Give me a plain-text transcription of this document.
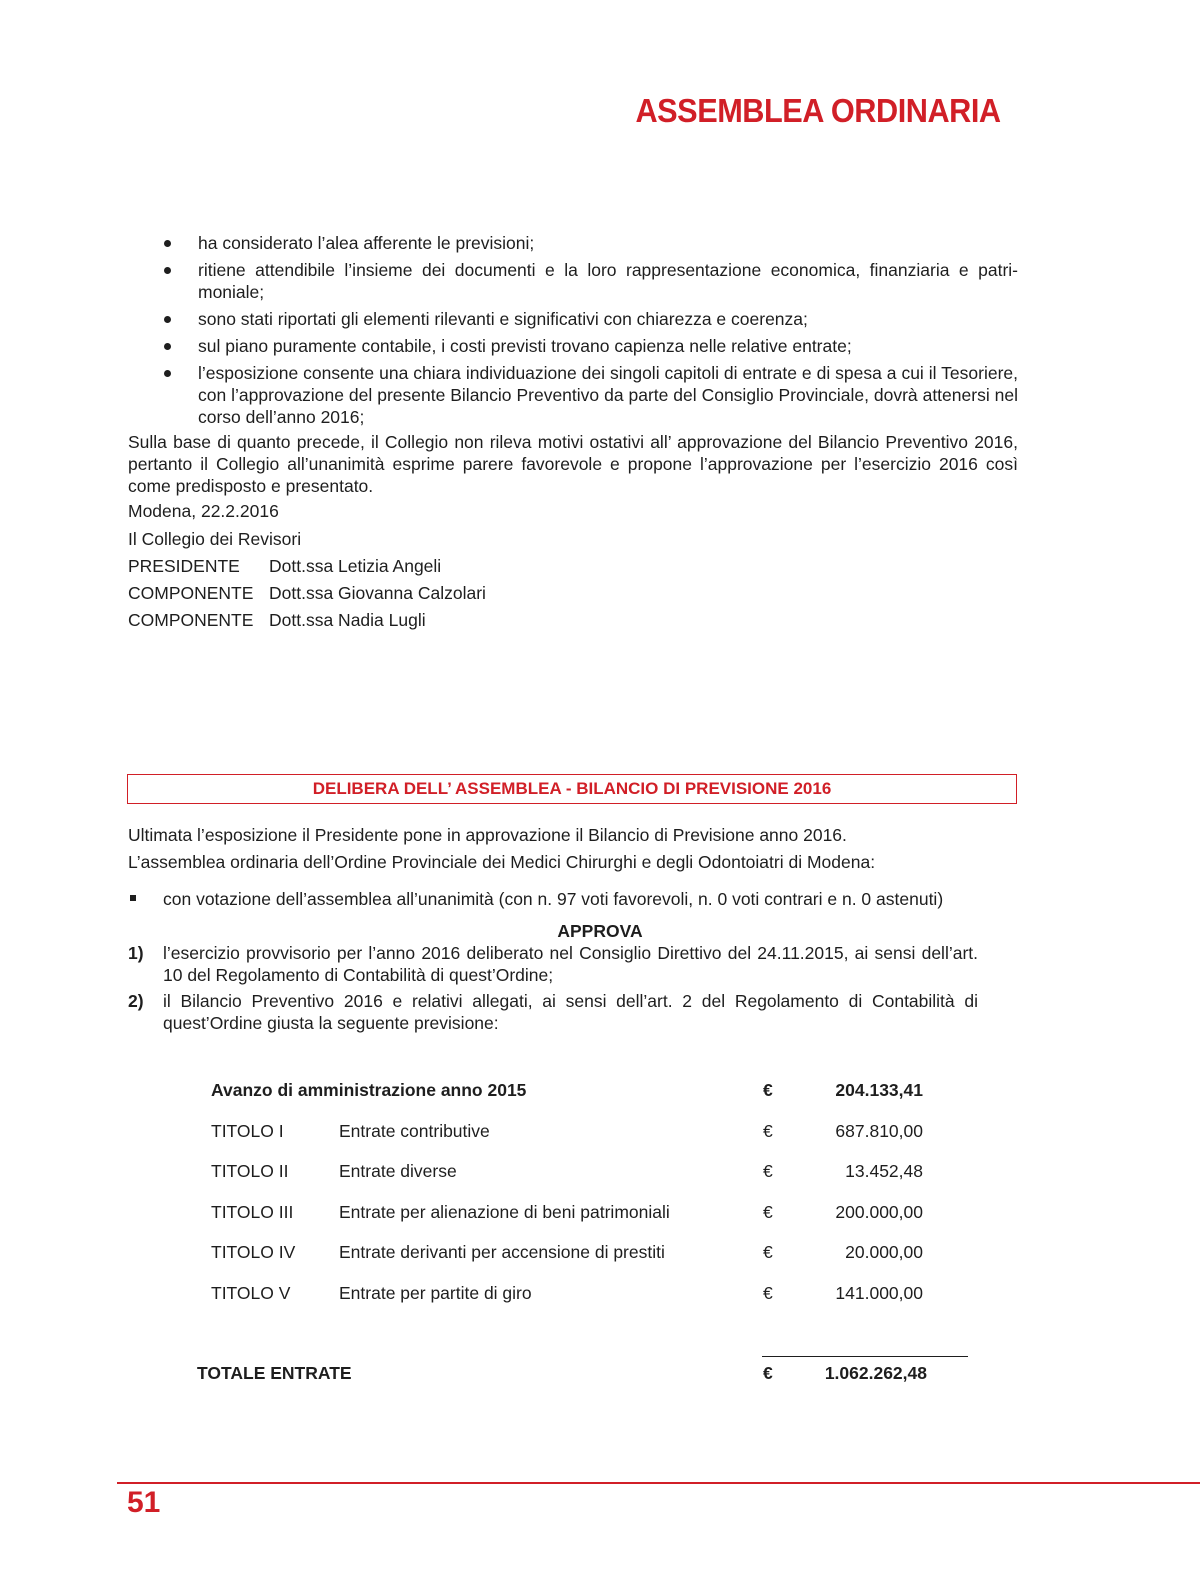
ASSEMBLEA ORDINARIA
ha considerato l’alea afferente le previsioni;
ritiene attendibile l’insieme dei documenti e la loro rappresentazione economica, finanziaria e patrimoniale;
sono stati riportati gli elementi rilevanti e significativi con chiarezza e coerenza;
sul piano puramente contabile, i costi previsti trovano capienza nelle relative entrate;
l’esposizione consente una chiara individuazione dei singoli capitoli di entrate e di spesa a cui il Tesoriere, con l’approvazione del presente Bilancio Preventivo da parte del Consiglio Provinciale, dovrà attenersi nel corso dell’anno 2016;
Sulla base di quanto precede, il Collegio non rileva motivi ostativi all’ approvazione del Bilancio Preventivo 2016, pertanto il Collegio all’unanimità esprime parere favorevole e propone l’approvazione per l’esercizio 2016 così come predisposto e presentato.
Modena, 22.2.2016
Il Collegio dei Revisori
PRESIDENTE Dott.ssa Letizia Angeli
COMPONENTE Dott.ssa Giovanna Calzolari
COMPONENTE Dott.ssa Nadia Lugli
DELIBERA DELL’ ASSEMBLEA - BILANCIO DI PREVISIONE 2016
Ultimata l’esposizione il Presidente pone in approvazione il Bilancio di Previsione anno 2016.
L’assemblea ordinaria dell’Ordine Provinciale dei Medici Chirurghi e degli Odontoiatri di Modena:
con votazione dell’assemblea all’unanimità (con n. 97 voti favorevoli, n. 0 voti contrari e n. 0 astenuti)
APPROVA
1)	l’esercizio provvisorio per l’anno 2016 deliberato nel Consiglio Direttivo del 24.11.2015, ai sensi dell’art. 10 del Regolamento di Contabilità di quest’Ordine;
2)	il Bilancio Preventivo 2016 e relativi allegati, ai sensi dell’art. 2 del Regolamento di Contabilità di quest’Ordine giusta la seguente previsione:
Avanzo di amministrazione anno 2015	€	204.133,41
TITOLO I	Entrate contributive	€	687.810,00
TITOLO II	Entrate diverse	€	13.452,48
TITOLO III	Entrate per alienazione di beni patrimoniali	€	200.000,00
TITOLO IV Entrate derivanti per accensione di prestiti	€	20.000,00
TITOLO V	Entrate per partite di giro	€	141.000,00
TOTALE ENTRATE	€	1.062.262,48
51
